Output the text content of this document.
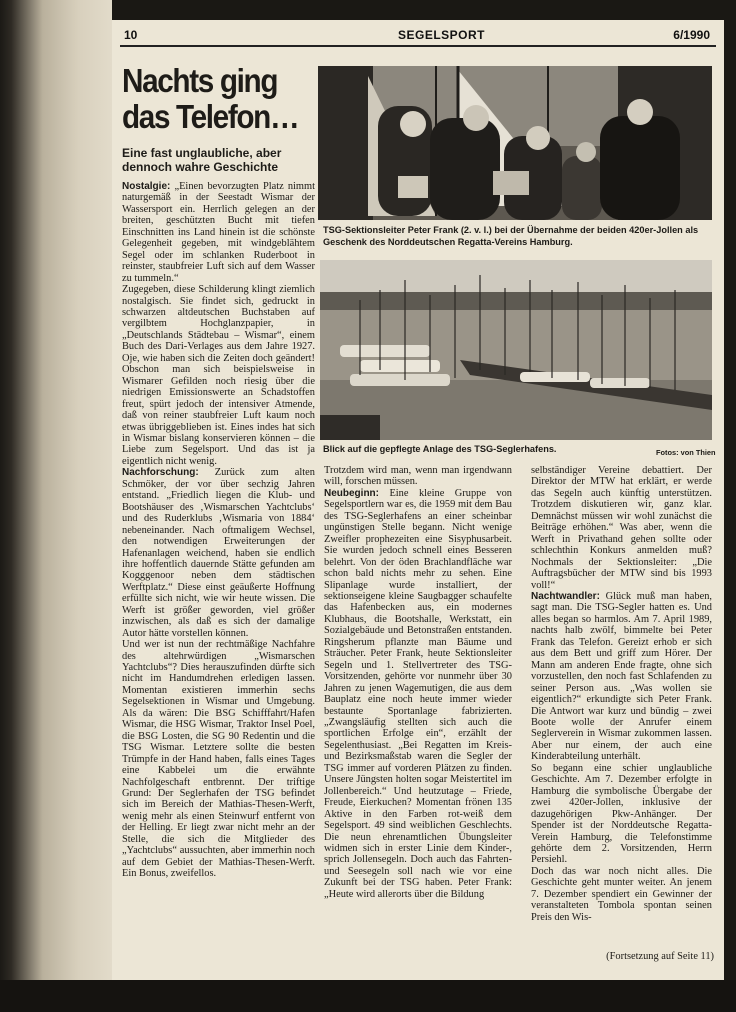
10	SEGELSPORT	6/1990
Nachts ging das Telefon…
Eine fast unglaubliche, aber dennoch wahre Geschichte

Nostalgie: „Einen bevorzugten Platz nimmt naturgemäß in der Seestadt Wismar der Wassersport ein. Herrlich gelegen an der breiten, geschützten Bucht mit tiefen Einschnitten ins Land hinein ist die schönste Gelegenheit gegeben, mit windgeblähtem Segel oder im schlanken Ruderboot in reinster, staubfreier Luft sich auf dem Wasser zu tummeln.“

Zugegeben, diese Schilderung klingt ziemlich nostalgisch. Sie findet sich, gedruckt in schwarzen altdeutschen Buchstaben auf vergilbtem Hochglanzpapier, in „Deutschlands Städtebau – Wismar“, einem Buch des Dari-Verlages aus dem Jahre 1927. Oje, wie haben sich die Zeiten doch geändert! Obschon man sich beispielsweise in Wismarer Gefilden noch riesig über die niedrigen Emissionswerte an Schadstoffen freut, spürt jedoch der intensiver Atmende, daß von reiner staubfreier Luft kaum noch etwas übriggeblieben ist. Eines indes hat sich in Wismar bislang konservieren können – die Liebe zum Segelsport. Und das ist ja eigentlich nicht wenig.

Nachforschung: Zurück zum alten Schmöker, der vor über sechzig Jahren entstand. „Friedlich liegen die Klub- und Bootshäuser des ‚Wismarschen Yachtclubs‘ und des Ruderklubs ‚Wismaria von 1884‘ nebeneinander. Nach oftmaligem Wechsel, den notwendigen Erweiterungen der Hafenanlagen weichend, haben sie endlich ihre hoffentlich dauernde Stätte gefunden am Kogggenoor neben dem städtischen Werftplatz.“ Diese einst geäußerte Hoffnung erfüllte sich nicht, wie wir heute wissen. Die Werft ist größer geworden, viel größer inzwischen, als daß es sich der damalige Autor hätte vorstellen können.

Und wer ist nun der rechtmäßige Nachfahre des altehrwürdigen „Wismarschen Yachtclubs“? Dies herauszufinden dürfte sich nicht im Handumdrehen erledigen lassen. Momentan existieren immerhin sechs Segelsektionen in Wismar und Umgebung. Als da wären: Die BSG Schifffahrt/Hafen Wismar, die HSG Wismar, Traktor Insel Poel, die BSG Losten, die SG 90 Redentin und die TSG Wismar. Letztere sollte die besten Trümpfe in der Hand haben, falls eines Tages eine Kabbelei um die erwähnte Nachfolgeschaft entbrennt. Der triftige Grund: Der Seglerhafen der TSG befindet sich im Bereich der Mathias-Thesen-Werft, wenig mehr als einen Steinwurf entfernt von der Helling. Er liegt zwar nicht mehr an der Stelle, die sich die Mitglieder des „Yachtclubs“ aussuchten, aber immerhin noch auf dem Gebiet der Mathias-Thesen-Werft. Ein Bonus, zweifellos.

TSG-Sektionsleiter Peter Frank (2. v. l.) bei der Übernahme der beiden 420er-Jollen als Geschenk des Norddeutschen Regatta-Vereins Hamburg.
Blick auf die gepflegte Anlage des TSG-Seglerhafens.	Fotos: von Thien

Trotzdem wird man, wenn man irgendwann will, forschen müssen.

Neubeginn: Eine kleine Gruppe von Segelsportlern war es, die 1959 mit dem Bau des TSG-Seglerhafens an einer scheinbar ungünstigen Stelle begann. Nicht wenige Zweifler prophezeiten eine Sisyphusarbeit. Sie wurden jedoch schnell eines Besseren belehrt. Von der öden Brachlandfläche war schon bald nichts mehr zu sehen. Eine Slipanlage wurde installiert, der sektionseigene kleine Saugbagger schaufelte das Hafenbecken aus, ein modernes Klubhaus, die Bootshalle, Werkstatt, ein Sozialgebäude und Betonstraßen entstanden. Ringsherum pflanzte man Bäume und Sträucher. Peter Frank, heute Sektionsleiter Segeln und 1. Stellvertreter des TSG-Vorsitzenden, gehörte vor nunmehr über 30 Jahren zu jenen Wagemutigen, die aus dem Bauplatz eine noch heute immer wieder bestaunte Sportanlage fabrizierten. „Zwangsläufig stellten sich auch die sportlichen Erfolge ein“, erzählt der Segelenthusiast. „Bei Regatten im Kreis- und Bezirksmaßstab waren die Segler der TSG immer auf vorderen Plätzen zu finden. Unsere Jüngsten holten sogar Meistertitel im Jollenbereich.“ Und heutzutage – Friede, Freude, Eierkuchen? Momentan frönen 135 Aktive in den Farben rot-weiß dem Segelsport. 49 sind weiblichen Geschlechts. Die neun ehrenamtlichen Übungsleiter widmen sich in erster Linie dem Kinder-, sprich Jollensegeln. Doch auch das Fahrten- und Seesegeln soll nach wie vor eine Zukunft bei der TSG haben. Peter Frank: „Heute wird allerorts über die Bildung

selbständiger Vereine debattiert. Der Direktor der MTW hat erklärt, er werde das Segeln auch künftig unterstützen. Trotzdem diskutieren wir, ganz klar. Demnächst müssen wir wohl zunächst die Beiträge erhöhen.“ Was aber, wenn die Werft in Privathand gehen sollte oder schlechthin Konkurs anmelden muß? Nochmals der Sektionsleiter: „Die Auftragsbücher der MTW sind bis 1993 voll!“

Nachtwandler: Glück muß man haben, sagt man. Die TSG-Segler hatten es. Und alles began so harmlos. Am 7. April 1989, nachts halb zwölf, bimmelte bei Peter Frank das Telefon. Gereizt erhob er sich aus dem Bett und griff zum Hörer. Der Mann am anderen Ende fragte, ohne sich vorzustellen, den noch fast Schlafenden zu seiner Person aus. „Was wollen sie eigentlich?“ erkundigte sich Peter Frank. Die Antwort war kurz und bündig – zwei Boote wolle der Anrufer einem Seglerverein in Wismar zukommen lassen. Aber nur einem, der auch eine Kinderabteilung unterhält.

So begann eine schier unglaubliche Geschichte. Am 7. Dezember erfolgte in Hamburg die symbolische Übergabe der zwei 420er-Jollen, inklusive der dazugehörigen Pkw-Anhänger. Der Spender ist der Norddeutsche Regatta-Verein Hamburg, die Telefonstimme gehörte dem 2. Vorsitzenden, Herrn Persiehl.

Doch das war noch nicht alles. Die Geschichte geht munter weiter. An jenem 7. Dezember spendiert ein Gewinner der veranstalteten Tombola spontan seinen Preis den Wis-

(Fortsetzung auf Seite 11)
